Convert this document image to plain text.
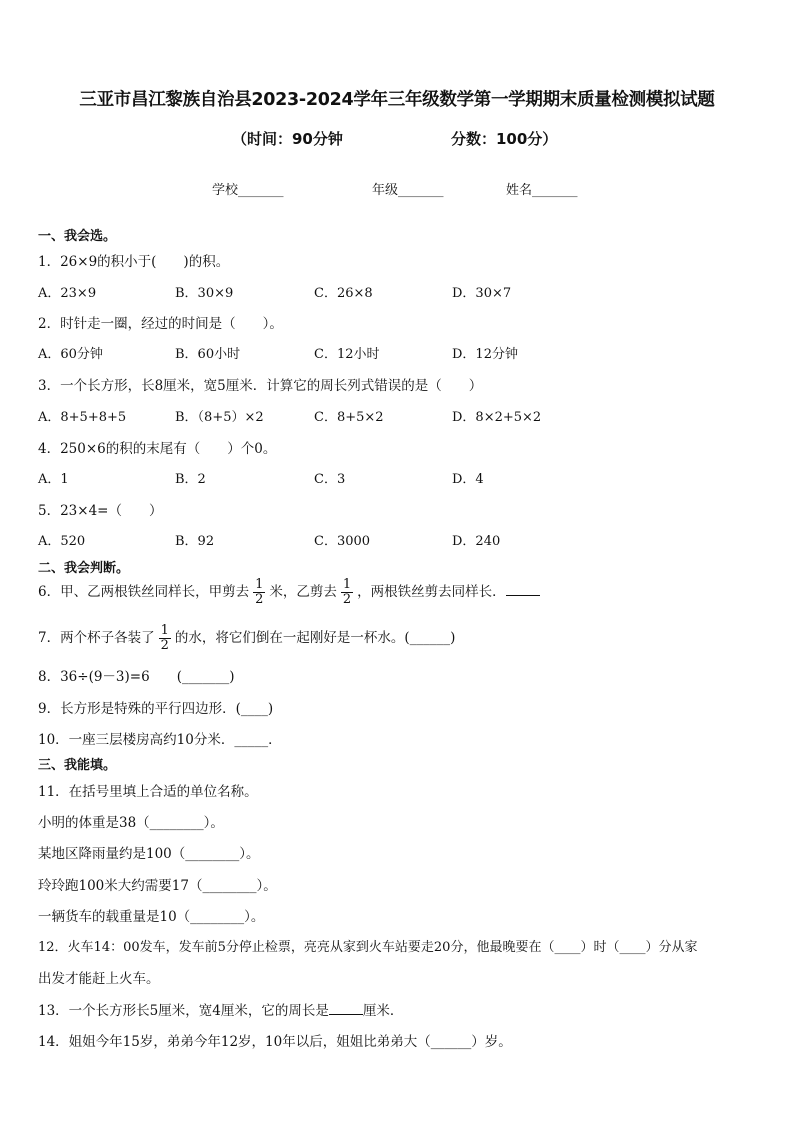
三亚市昌江黎族自治县2023-2024学年三年级数学第一学期期末质量检测模拟试题
（时间：90分钟	分数：100分）
学校_______	年级_______	姓名_______
一、我会选。
1．26×9的积小于(　　)的积。
A．23×9	B．30×9	C．26×8	D．30×7
2．时针走一圈，经过的时间是（　　）。
A．60分钟	B．60小时	C．12小时	D．12分钟
3．一个长方形，长8厘米，宽5厘米．计算它的周长列式错误的是（　　）
A．8+5+8+5	B．（8+5）×2	C．8+5×2	D．8×2+5×2
4．250×6的积的末尾有（　　）个0。
A．1	B．2	C．3	D．4
5．23×4=（　　）
A．520	B．92	C．3000	D．240
二、我会判断。
6．甲、乙两根铁丝同样长，甲剪去 $\frac{1}{2}$ 米，乙剪去 $\frac{1}{2}$ ，两根铁丝剪去同样长．
7．两个杯子各装了 $\frac{1}{2}$ 的水，将它们倒在一起刚好是一杯水。(______)
8．36÷(9－3)=6　　(_______)
9．长方形是特殊的平行四边形．(____)
10．一座三层楼房高约10分米．_____．
三、我能填。
11．在括号里填上合适的单位名称。
小明的体重是38（________）。
某地区降雨量约是100（________）。
玲玲跑100米大约需要17（________）。
一辆货车的载重量是10（________）。
12．火车14：00发车，发车前5分停止检票，亮亮从家到火车站要走20分，他最晚要在（____）时（____）分从家
出发才能赶上火车。
13．一个长方形长5厘米，宽4厘米，它的周长是	厘米．
14．姐姐今年15岁，弟弟今年12岁，10年以后，姐姐比弟弟大（______）岁。
